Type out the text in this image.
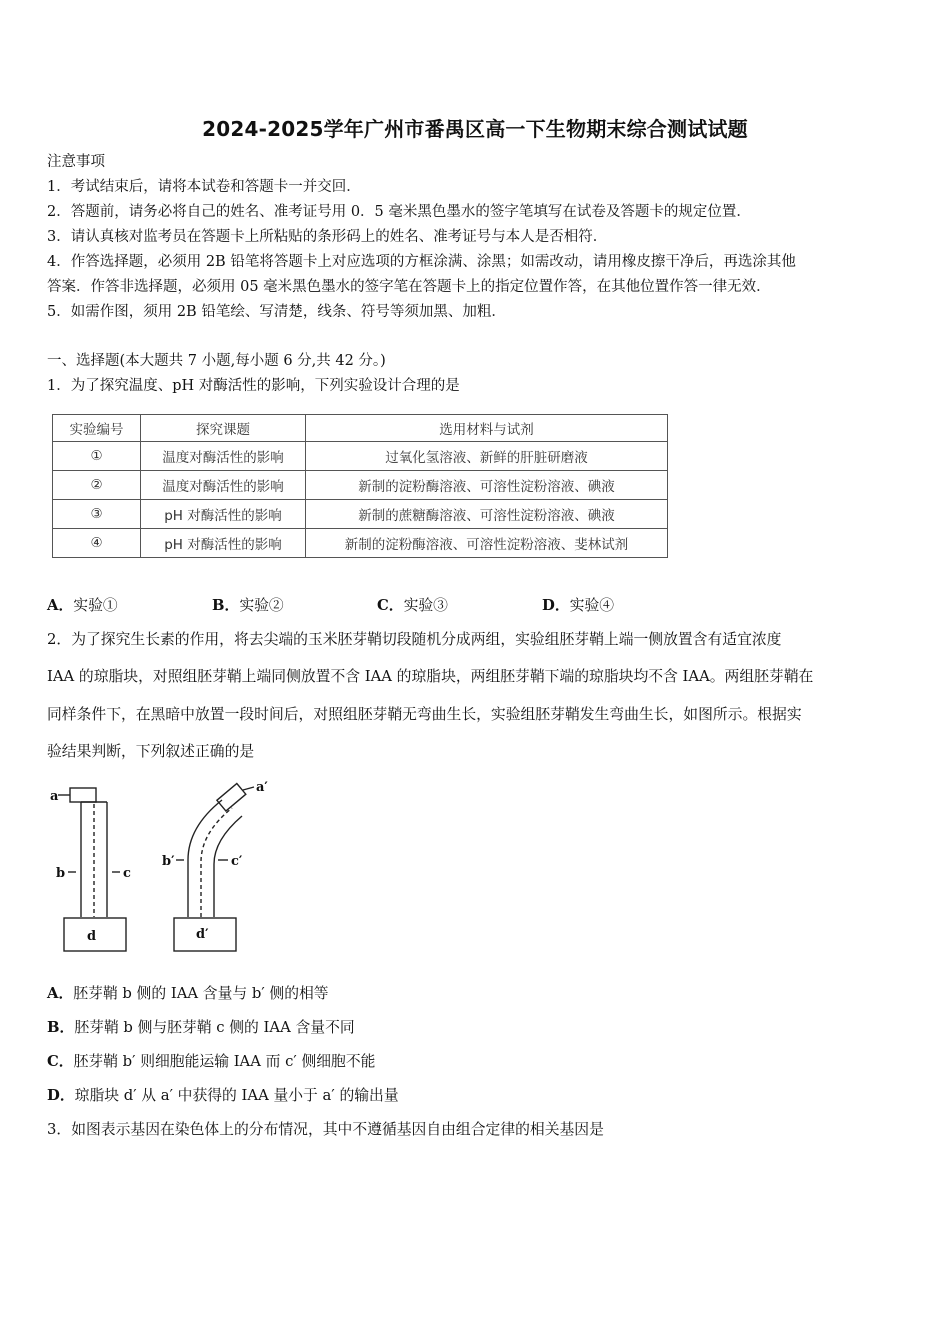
2024-2025学年广州市番禺区高一下生物期末综合测试试题
注意事项
1．考试结束后，请将本试卷和答题卡一并交回．
2．答题前，请务必将自己的姓名、准考证号用 0．5 毫米黑色墨水的签字笔填写在试卷及答题卡的规定位置．
3．请认真核对监考员在答题卡上所粘贴的条形码上的姓名、准考证号与本人是否相符．
4．作答选择题，必须用 2B 铅笔将答题卡上对应选项的方框涂满、涂黑；如需改动，请用橡皮擦干净后，再选涂其他
答案．作答非选择题，必须用 05 毫米黑色墨水的签字笔在答题卡上的指定位置作答，在其他位置作答一律无效．
5．如需作图，须用 2B 铅笔绘、写清楚，线条、符号等须加黑、加粗．
一、选择题(本大题共 7 小题,每小题 6 分,共 42 分。)
1．为了探究温度、pH 对酶活性的影响，下列实验设计合理的是
实验编号	探究课题	选用材料与试剂
①	温度对酶活性的影响	过氧化氢溶液、新鲜的肝脏研磨液
②	温度对酶活性的影响	新制的淀粉酶溶液、可溶性淀粉溶液、碘液
③	pH 对酶活性的影响	新制的蔗糖酶溶液、可溶性淀粉溶液、碘液
④	pH 对酶活性的影响	新制的淀粉酶溶液、可溶性淀粉溶液、斐林试剂
A．实验①	B．实验②	C．实验③	D．实验④
2．为了探究生长素的作用，将去尖端的玉米胚芽鞘切段随机分成两组，实验组胚芽鞘上端一侧放置含有适宜浓度
IAA 的琼脂块，对照组胚芽鞘上端同侧放置不含 IAA 的琼脂块，两组胚芽鞘下端的琼脂块均不含 IAA。两组胚芽鞘在
同样条件下，在黑暗中放置一段时间后，对照组胚芽鞘无弯曲生长，实验组胚芽鞘发生弯曲生长，如图所示。根据实
验结果判断，下列叙述正确的是
a
b	c
d
a′
b′	c′
d′
A．胚芽鞘 b 侧的 IAA 含量与 b′ 侧的相等
B．胚芽鞘 b 侧与胚芽鞘 c 侧的 IAA 含量不同
C．胚芽鞘 b′ 则细胞能运输 IAA 而 c′ 侧细胞不能
D．琼脂块 d′ 从 a′ 中获得的 IAA 量小于 a′ 的输出量
3．如图表示基因在染色体上的分布情况，其中不遵循基因自由组合定律的相关基因是
